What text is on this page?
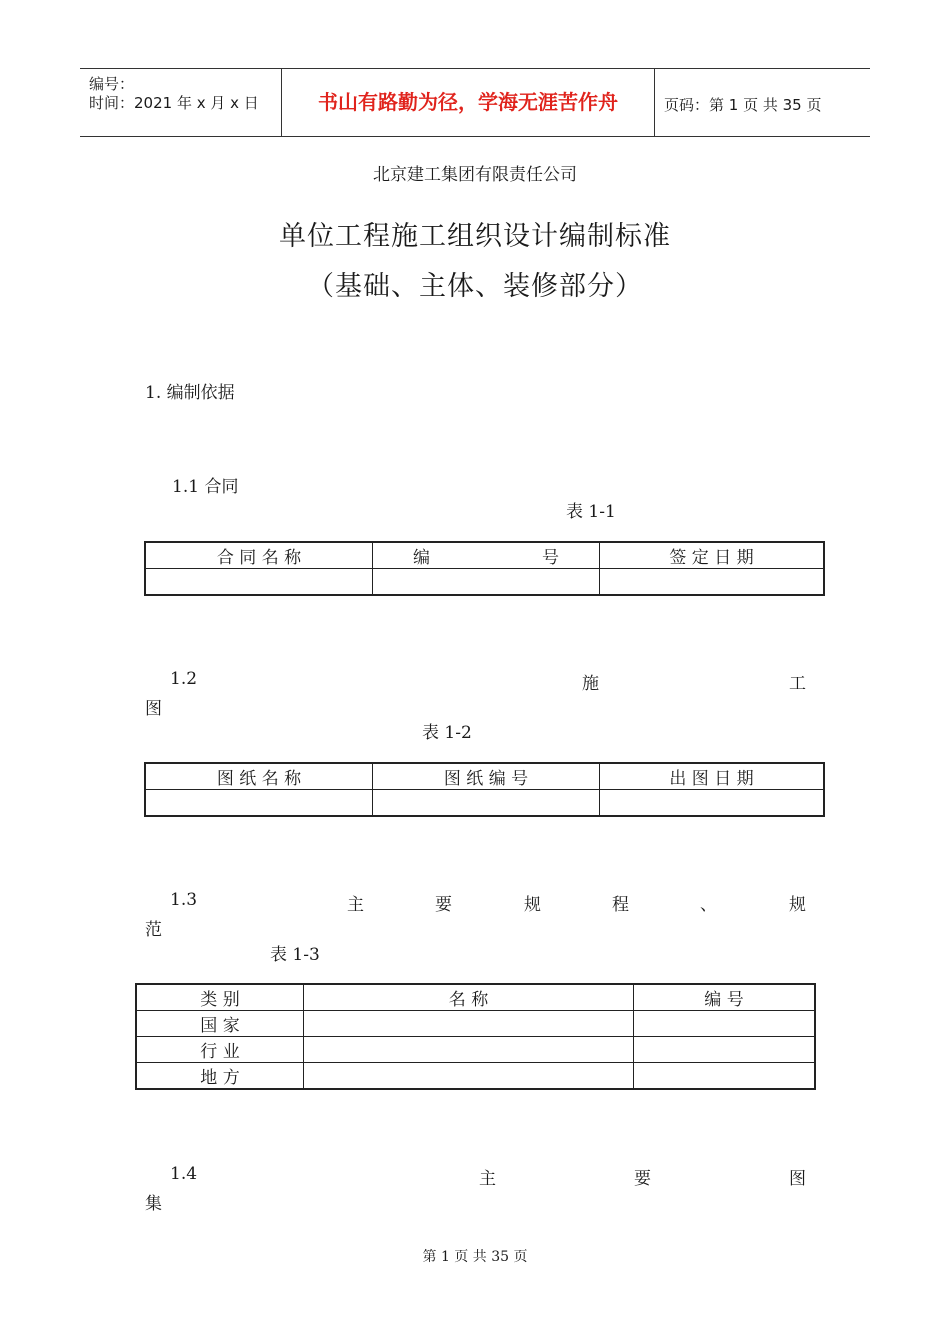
编号：
时间：2021 年 x 月 x 日	书山有路勤为径，学海无涯苦作舟	页码：第 1 页 共 35 页
北京建工集团有限责任公司
单位工程施工组织设计编制标准
（基础、主体、装修部分）
1. 编制依据
1.1 合同
表 1-1
合 同 名 称	编 号	签 定 日 期

1.2	施	工
图
表 1-2
图 纸 名 称	图 纸 编 号	出 图 日 期

1.3	主	要	规	程	、	规
范
表 1-3
类 别	名 称	编 号
国 家		
行 业		
地 方		
1.4	主	要	图
集
第 1 页 共 35 页
